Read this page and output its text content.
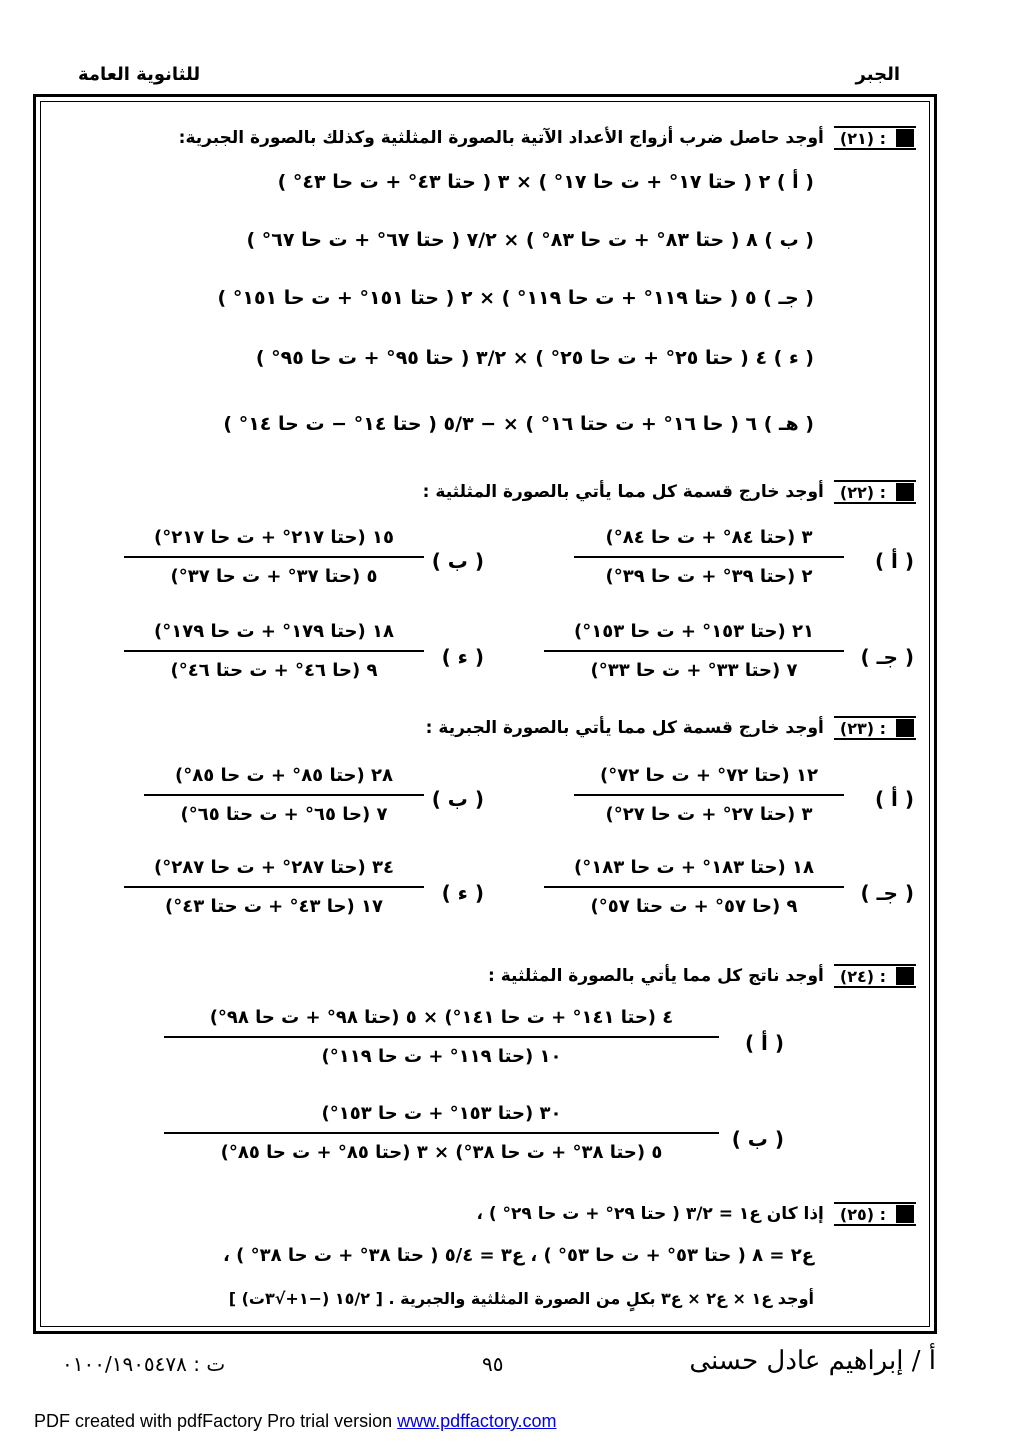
الجبر
للثانوية العامة
(٢١) :
أوجد حاصل ضرب أزواج الأعداد الآتية بالصورة المثلثية وكذلك بالصورة الجبرية:
( أ ) ٢ ( حتا ١٧° + ت حا ١٧° ) × ٣ ( حتا ٤٣° + ت حا ٤٣° )
( ب ) ٨ ( حتا ٨٣° + ت حا ٨٣° ) × ٧/٢ ( حتا ٦٧° + ت حا ٦٧° )
( جـ ) ٥ ( حتا ١١٩° + ت حا ١١٩° ) × ٢ ( حتا ١٥١° + ت حا ١٥١° )
( ء ) ٤ ( حتا ٢٥° + ت حا ٢٥° ) × ٣/٢ ( حتا ٩٥° + ت حا ٩٥° )
( هـ ) ٦ ( حا ١٦° + ت حتا ١٦° ) × − ٥/٣ ( حتا ١٤° − ت حا ١٤° )
(٢٢) :
أوجد خارج قسمة كل مما يأتي بالصورة المثلثية :
( أ )
٣ (حتا ٨٤° + ت حا ٨٤°)
٢ (حتا ٣٩° + ت حا ٣٩°)
( ب )
١٥ (حتا ٢١٧° + ت حا ٢١٧°)
٥ (حتا ٣٧° + ت حا ٣٧°)
( جـ )
٢١ (حتا ١٥٣° + ت حا ١٥٣°)
٧ (حتا ٣٣° + ت حا ٣٣°)
( ء )
١٨ (حتا ١٧٩° + ت حا ١٧٩°)
٩ (حا ٤٦° + ت حتا ٤٦°)
(٢٣) :
أوجد خارج قسمة كل مما يأتي بالصورة الجبرية :
( أ )
١٢ (حتا ٧٢° + ت حا ٧٢°)
٣ (حتا ٢٧° + ت حا ٢٧°)
( ب )
٢٨ (حتا ٨٥° + ت حا ٨٥°)
٧ (حا ٦٥° + ت حتا ٦٥°)
( جـ )
١٨ (حتا ١٨٣° + ت حا ١٨٣°)
٩ (حا ٥٧° + ت حتا ٥٧°)
( ء )
٣٤ (حتا ٢٨٧° + ت حا ٢٨٧°)
١٧ (حا ٤٣° + ت حتا ٤٣°)
(٢٤) :
أوجد ناتج كل مما يأتي بالصورة المثلثية :
( أ )
٤ (حتا ١٤١° + ت حا ١٤١°) × ٥ (حتا ٩٨° + ت حا ٩٨°)
١٠ (حتا ١١٩° + ت حا ١١٩°)
( ب )
٣٠ (حتا ١٥٣° + ت حا ١٥٣°)
٥ (حتا ٣٨° + ت حا ٣٨°) × ٣ (حتا ٨٥° + ت حا ٨٥°)
(٢٥) :
إذا كان ع١ = ٣/٢ ( حتا ٢٩° + ت حا ٢٩° ) ،
ع٢ = ٨ ( حتا ٥٣° + ت حا ٥٣° ) ، ع٣ = ٥/٤ ( حتا ٣٨° + ت حا ٣٨° ) ،
أوجد ع١ × ع٢ × ع٣ بكلٍ من الصورة المثلثية والجبرية . [ ١٥/٢ (−١+√٣ت) ]
أ / إبراهيم عادل حسنى
٩٥
ت : ٠١٠٠/١٩٠٥٤٧٨
PDF created with pdfFactory Pro trial version www.pdffactory.com
